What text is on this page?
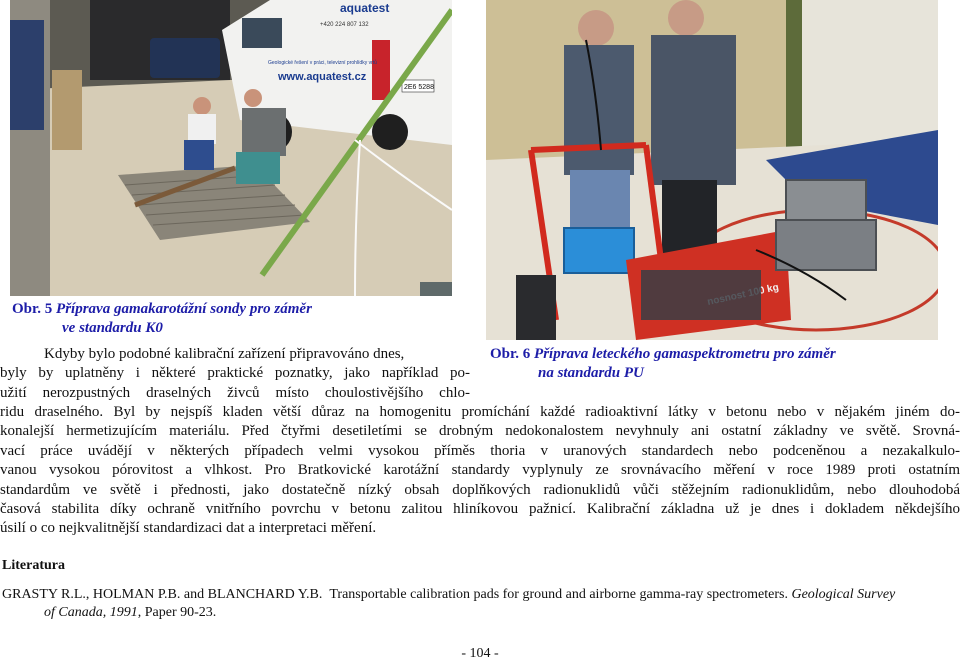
aquatest
+420 224 807 132
Geologické řešení v práci, televizní prohlídky vrtů
www.aquatest.cz
2E6 5288
kg
Obr. 5 Příprava gamakarotážní sondy pro záměr
ve standardu K0
Obr. 6 Příprava leteckého gamaspektrometru pro záměr
na standardu PU
Kdyby bylo podobné kalibrační zařízení připravováno dnes,
byly by uplatněny i některé praktické poznatky, jako například po-
užití nerozpustných draselných živců místo choulostivějšího chlo-
ridu draselného. Byl by nejspíš kladen větší důraz na homogenitu promíchání každé radioaktivní látky v betonu nebo v nějakém jiném do-
konalejší hermetizujícím materiálu. Před čtyřmi desetiletími se drobným nedokonalostem nevyhnuly ani ostatní základny ve světě. Srovná-
vací práce uvádějí v některých případech velmi vysokou příměs thoria v uranových standardech nebo podceněnou a nezakalkulo-
vanou vysokou pórovitost a vlhkost. Pro Bratkovické karotážní standardy vyplynuly ze srovnávacího měření v roce 1989 proti ostatním
standardům ve světě i přednosti, jako dostatečně nízký obsah doplňkových radionuklidů vůči stěžejním radionuklidům, nebo dlouhodobá
časová stabilita díky ochraně vnitřního povrchu v betonu zalitou hliníkovou pažnicí. Kalibrační základna už je dnes i dokladem někdejšího
úsilí o co nejkvalitnější standardizaci dat a interpretaci měření.
Literatura
GRASTY R.L., HOLMAN P.B. and BLANCHARD Y.B. Transportable calibration pads for ground and airborne gamma-ray spectrometers. Geological Survey
of Canada, 1991, Paper 90-23.
- 104 -
